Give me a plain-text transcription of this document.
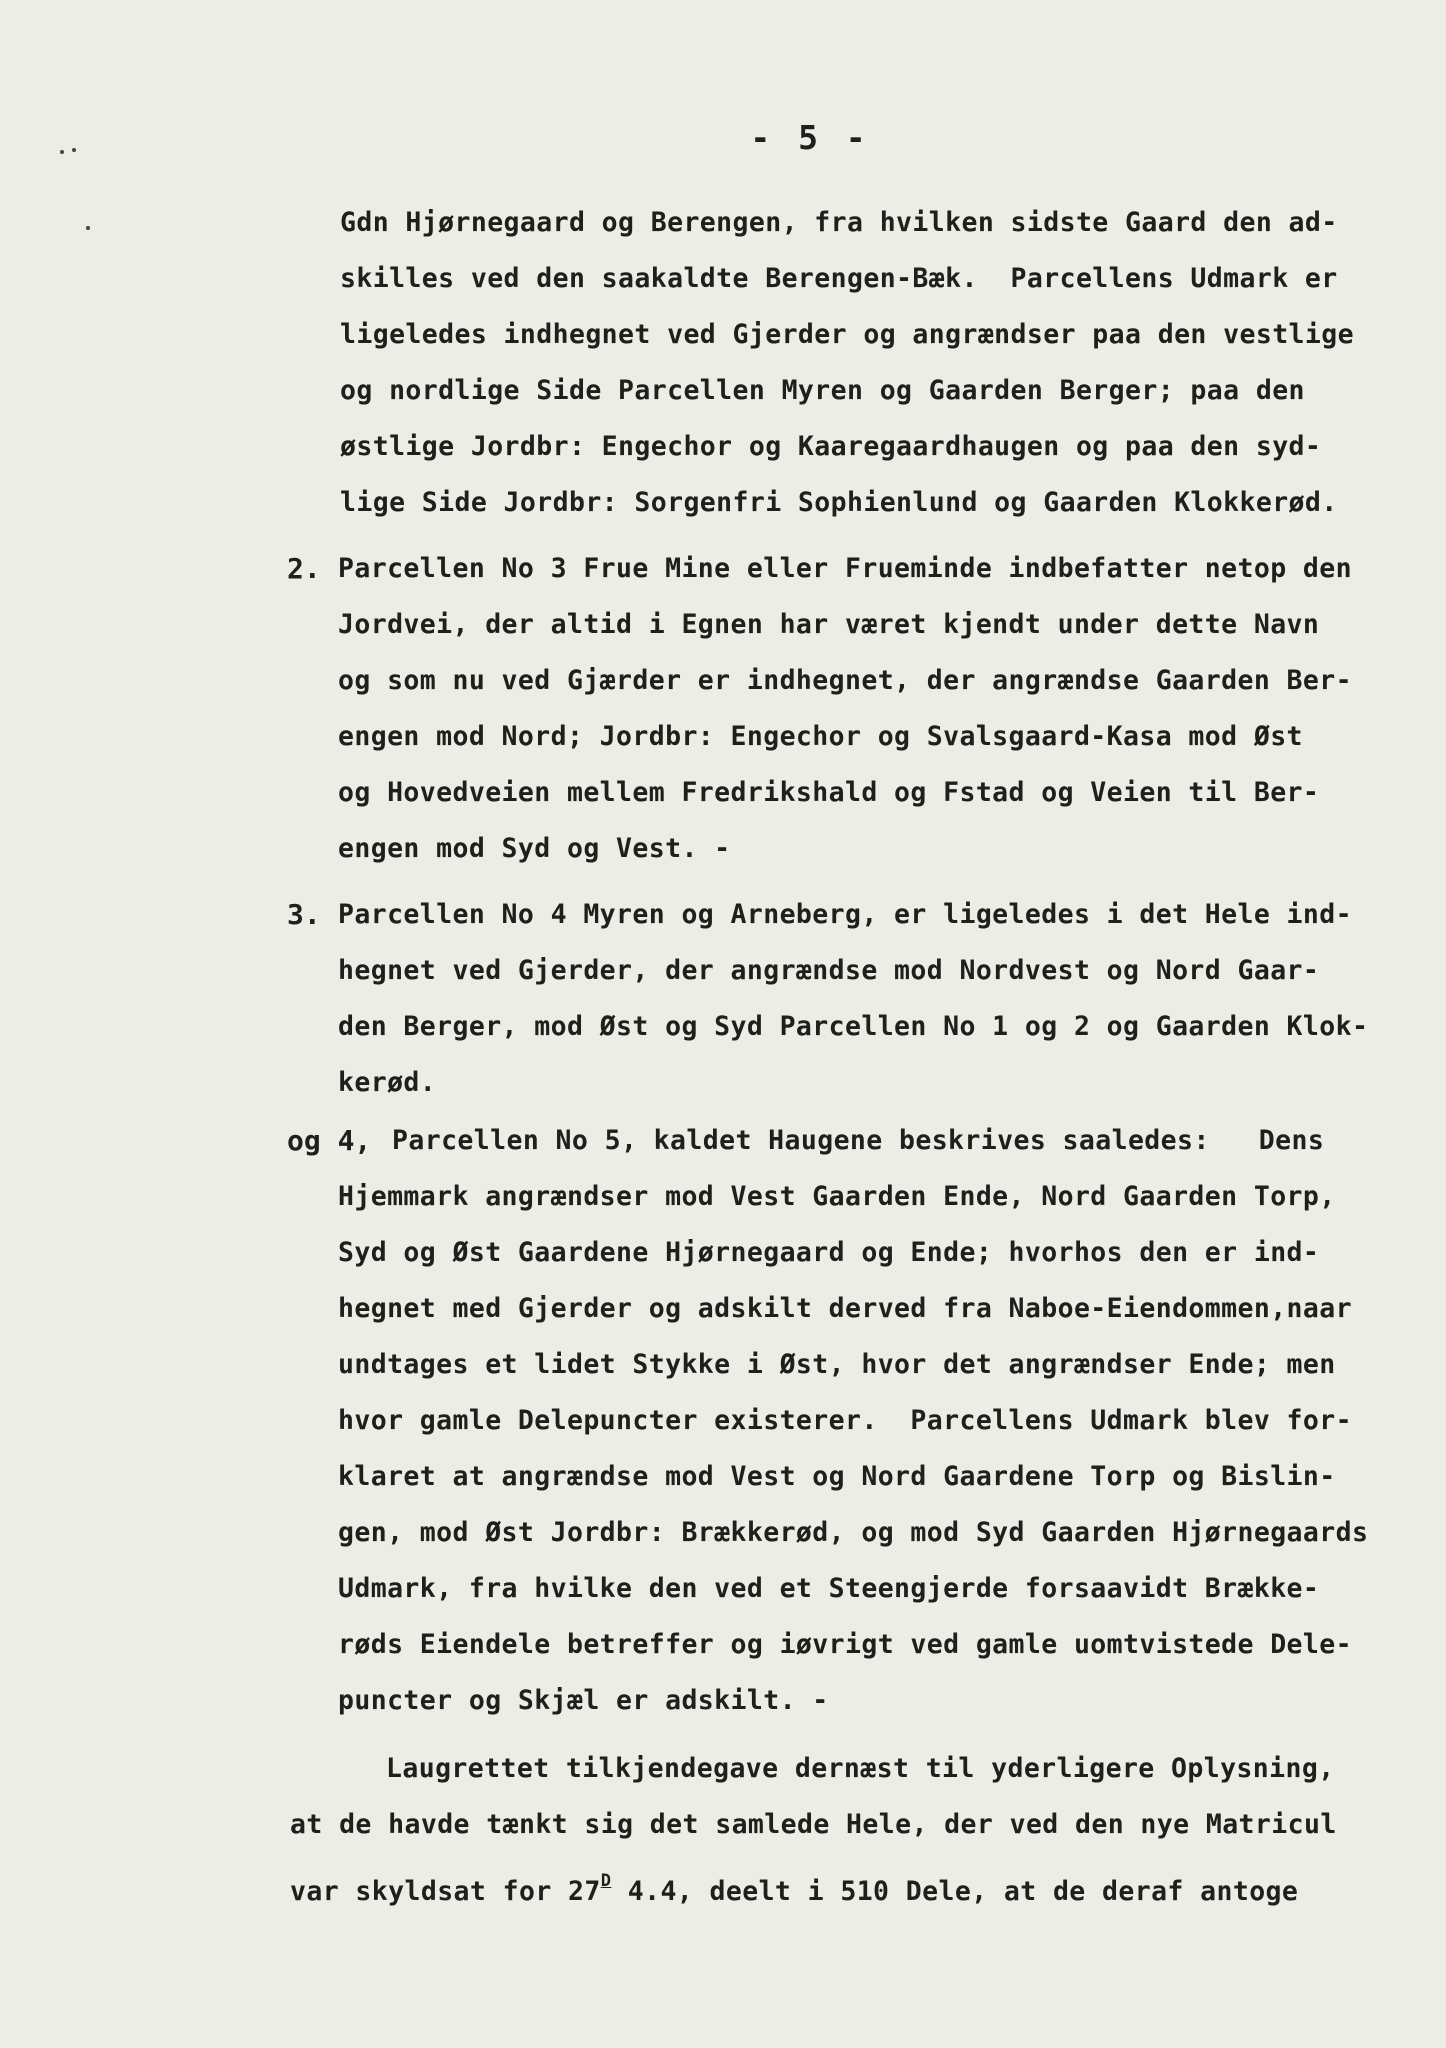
- 5 -
Gdn Hjørnegaard og Berengen, fra hvilken sidste Gaard den ad-
skilles ved den saakaldte Berengen-Bæk.  Parcellens Udmark er
ligeledes indhegnet ved Gjerder og angrændser paa den vestlige
og nordlige Side Parcellen Myren og Gaarden Berger; paa den
østlige Jordbr: Engechor og Kaaregaardhaugen og paa den syd-
lige Side Jordbr: Sorgenfri Sophienlund og Gaarden Klokkerød.
2. Parcellen No 3 Frue Mine eller Frueminde indbefatter netop den
Jordvei, der altid i Egnen har været kjendt under dette Navn
og som nu ved Gjærder er indhegnet, der angrændse Gaarden Ber-
engen mod Nord; Jordbr: Engechor og Svalsgaard-Kasa mod Øst
og Hovedveien mellem Fredrikshald og Fstad og Veien til Ber-
engen mod Syd og Vest. -
3. Parcellen No 4 Myren og Arneberg, er ligeledes i det Hele ind-
hegnet ved Gjerder, der angrændse mod Nordvest og Nord Gaar-
den Berger, mod Øst og Syd Parcellen No 1 og 2 og Gaarden Klok-
kerød.
og 4, Parcellen No 5, kaldet Haugene beskrives saaledes:   Dens
Hjemmark angrændser mod Vest Gaarden Ende, Nord Gaarden Torp,
Syd og Øst Gaardene Hjørnegaard og Ende; hvorhos den er ind-
hegnet med Gjerder og adskilt derved fra Naboe-Eiendommen,naar
undtages et lidet Stykke i Øst, hvor det angrændser Ende; men
hvor gamle Delepuncter existerer.  Parcellens Udmark blev for-
klaret at angrændse mod Vest og Nord Gaardene Torp og Bislin-
gen, mod Øst Jordbr: Brækkerød, og mod Syd Gaarden Hjørnegaards
Udmark, fra hvilke den ved et Steengjerde forsaavidt Brække-
røds Eiendele betreffer og iøvrigt ved gamle uomtvistede Dele-
puncter og Skjæl er adskilt. -
Laugrettet tilkjendegave dernæst til yderligere Oplysning,
at de havde tænkt sig det samlede Hele, der ved den nye Matricul
var skyldsat for 27$^D$ 4.4, deelt i 510 Dele, at de deraf antoge
